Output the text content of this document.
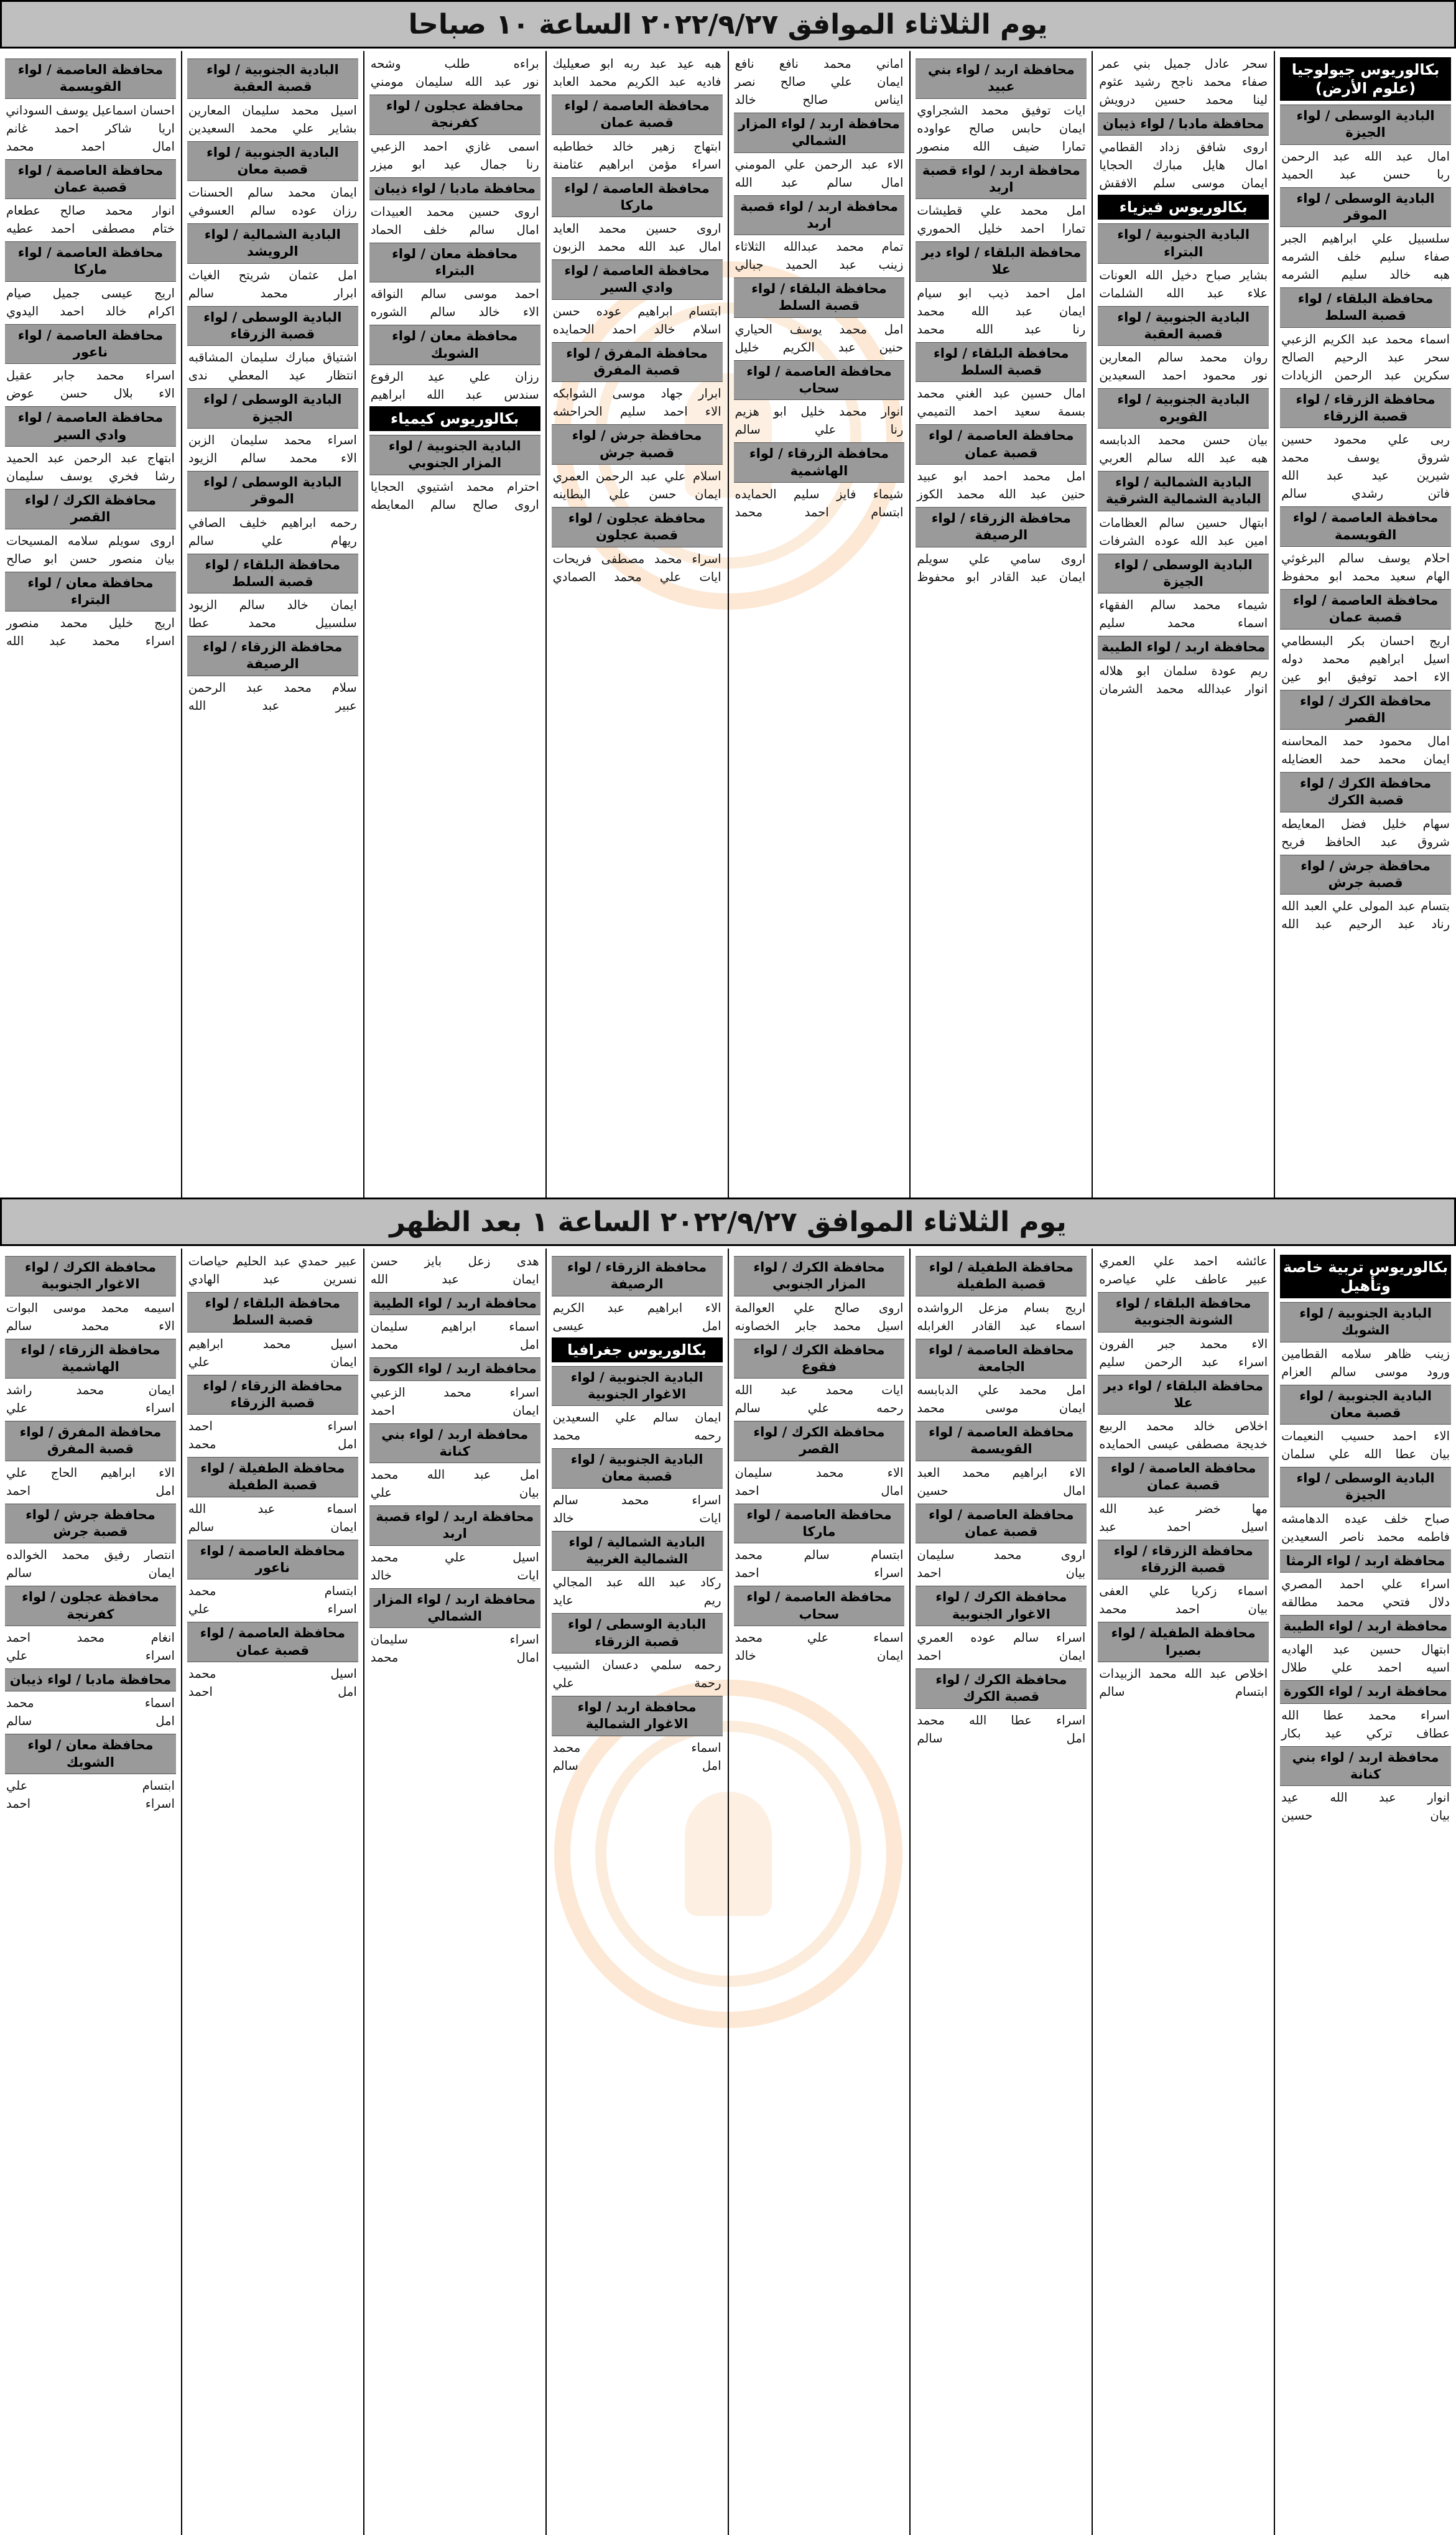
يوم الثلاثاء الموافق ٢٠٢٢/٩/٢٧ الساعة ١٠ صباحا
بكالوريوس جيولوجيا (علوم الأرض)
البادية الوسطى / لواء الجيزة
امال عبد الله عبد الرحمن
ربا حسن عبد الحميد
البادية الوسطى / لواء الموقر
سلسبيل علي ابراهيم الجبر
صفاء سليم خلف الشرمه
هبه خالد سليم الشرمه
محافظة البلقاء / لواء قصبة السلط
اسماء محمد عبد الكريم الزعبي
سحر عبد الرحيم الصالح
سكرين عبد الرحمن الزيادات
محافظة الزرقاء / لواء قصبة الزرقاء
ربى علي محمود حسين
شروق يوسف محمد
شيرين عيد عبد الله
فاتن رشدي سالم
محافظة العاصمة / لواء القويسمة
احلام يوسف سالم البرغوثي
الهام سعيد محمد ابو محفوظ
محافظة العاصمة / لواء قصبة عمان
اريج احسان بكر البسطامي
اسيل ابراهيم محمد دوله
الاء احمد توفيق ابو عين
محافظة الكرك / لواء القصر
امال محمود حمد المحاسنه
ايمان محمد حمد العضايله
محافظة الكرك / لواء قصبة الكرك
سهام خليل فضل المعايطه
شروق عبد الحافظ فريح
محافظة جرش / لواء قصبة جرش
بتسام عبد المولى علي العبد الله
رناد عبد الرحيم عبد الله
سحر عادل جميل بني عمر
صفاء محمد ناجح رشيد عثوم
لينا محمد حسين درويش
محافظة مادبا / لواء ذيبان
اروى شافق زداد القطامي
امال هايل مبارك الحجايا
ايمان موسى سلم الافقش
بكالوريوس فيزياء
البادية الجنوبية / لواء البتراء
بشاير صباح دخيل الله العونات
علاء عبد الله الشلمات
البادية الجنوبية / لواء قصبة العقبة
روان محمد سالم المعارين
نور محمود احمد السعيدين
البادية الجنوبية / لواء القويره
بيان حسن محمد الدبابسه
هبه عبد الله سالم العربي
البادية الشمالية / لواء البادية الشمالية الشرقية
ابتهال حسين سالم العظامات
امين عبد الله عوده الشرفات
البادية الوسطى / لواء الجيزة
شيماء محمد سالم الفقهاء
اسماء محمد سليم
محافظة اربد / لواء الطيبة
ريم عودة سلمان ابو هلاله
انوار عبدالله محمد الشرمان
محافظة اربد / لواء بني عبيد
ايات توفيق محمد الشجراوي
ايمان حابس صالح عواوده
تمارا ضيف الله منصور
محافظة اربد / لواء قصبة اربد
امل محمد علي قطيشات
تمارا احمد خليل الحموري
محافظة البلقاء / لواء دير علا
امل احمد ذيب ابو سيام
ايمان عبد الله محمد
رنا عبد الله محمد
محافظة البلقاء / لواء قصبة السلط
امال حسين عبد الغني محمد
بسمة سعيد احمد التميمي
محافظة العاصمة / لواء قصبة عمان
امل محمد احمد ابو عبيد
حنين عبد الله محمد الكوز
محافظة الزرقاء / لواء الرصيفة
اروى سامي علي سويلم
ايمان عبد القادر ابو محفوظ
اماني محمد نافع نافع
ايمان علي صالح نصر
ايناس صالح خالد
محافظة اربد / لواء المزار الشمالي
الاء عبد الرحمن علي المومني
امال سالم عبد الله
محافظة اربد / لواء قصبة اربد
تمام محمد عبدالله الثلاثاء
زينب عبد الحميد جبالي
محافظة البلقاء / لواء قصبة السلط
امل محمد يوسف الحياري
حنين عبد الكريم خليل
محافظة العاصمة / لواء سحاب
انوار محمد خليل ابو هزيم
رنا علي سالم
محافظة الزرقاء / لواء الهاشمية
شيماء فايز سليم الحمايده
ابتسام احمد محمد
هبه عيد عبد ربه ابو صعيليك
فاديه عبد الكريم محمد العابد
محافظة العاصمة / لواء قصبة عمان
ابتهاج زهير خالد خطاطبه
اسراء مؤمن ابراهيم عثامنة
محافظة العاصمة / لواء ماركا
اروى حسين محمد العايد
امال عبد الله محمد الزبون
محافظة العاصمة / لواء وادي السير
ابتسام ابراهيم عوده حسن
اسلام خالد احمد الحمايده
محافظة المفرق / لواء قصبة المفرق
ابرار جهاد موسى الشوابكه
الاء احمد سليم الحراحشه
محافظة جرش / لواء قصبة جرش
اسلام علي عبد الرحمن العمري
ايمان حسن علي البطاينه
محافظة عجلون / لواء قصبة عجلون
اسراء محمد مصطفى فريحات
ايات علي محمد الصمادي
براءه طلب وشحه
نور عبد الله سليمان مومني
محافظة عجلون / لواء كفرنجة
اسمى غازي احمد الزعبي
رنا جمال عيد ابو ميزر
محافظة مادبا / لواء ذيبان
اروى حسين محمد العبيدات
امال سالم خلف الحماد
محافظة معان / لواء البتراء
احمد موسى سالم النواقه
الاء خالد سالم الشوره
محافظة معان / لواء الشوبك
رزان علي عيد الرفوع
سندس عبد الله ابراهيم
بكالوريوس كيمياء
البادية الجنوبية / لواء المزار الجنوبي
احترام محمد اشتيوي الحجايا
اروى صالح سالم المعايطه
البادية الجنوبية / لواء قصبة العقبة
اسيل محمد سليمان المعارين
بشاير علي محمد السعيدين
البادية الجنوبية / لواء قصبة معان
ايمان محمد سالم الحسنات
رزان عوده سالم العسوفي
البادية الشمالية / لواء الرويشد
امل عثمان شريتح الغياث
ابرار محمد سالم
البادية الوسطى / لواء قصبة الزرقاء
اشتياق مبارك سليمان المشاقبه
انتظار عيد المعطي ندى
البادية الوسطى / لواء الجيزة
اسراء محمد سليمان الزبن
الاء محمد سالم الزيود
البادية الوسطى / لواء الموقر
رحمه ابراهيم خليف الصافي
ريهام علي سالم
محافظة البلقاء / لواء قصبة السلط
ايمان خالد سالم الزيود
سلسبيل محمد عطا
محافظة الزرقاء / لواء الرصيفة
سلام محمد عبد الرحمن
عبير عبد الله
محافظة العاصمة / لواء القويسمة
احسان اسماعيل يوسف السوداني
اريا شاكر احمد غانم
امال احمد محمد
محافظة العاصمة / لواء قصبة عمان
انوار محمد صالح عطعام
ختام مصطفى احمد عطيه
محافظة العاصمة / لواء ماركا
اريج عيسى جميل صيام
اكرام خالد احمد اليدوي
محافظة العاصمة / لواء ناعور
اسراء محمد جابر عقيل
الاء بلال حسن عوض
محافظة العاصمة / لواء وادي السير
ابتهاج عبد الرحمن عبد الحميد
رشا فخري يوسف سليمان
محافظة الكرك / لواء القصر
اروى سويلم سلامه المسيحات
بيان منصور حسن ابو صالح
محافظة معان / لواء البتراء
اريج خليل محمد منصور
اسراء محمد عبد الله
يوم الثلاثاء الموافق ٢٠٢٢/٩/٢٧ الساعة ١ بعد الظهر
بكالوريوس تربية خاصة وتأهيل
البادية الجنوبية / لواء الشوبك
زينب ظاهر سلامه القطامين
ورود موسى سالم العزام
البادية الجنوبية / لواء قصبة معان
الاء احمد حسيب النعيمات
بيان عطا الله علي سلمان
البادية الوسطى / لواء الجيزة
صباح خلف عيده الدهامشه
فاطمه محمد ناصر السعيدين
محافظة اربد / لواء الرمثا
اسراء علي احمد المصري
دلال فتحي محمد مطالقه
محافظة اربد / لواء الطيبة
ابتهال حسين عبد الهاديه
اسيه احمد علي طلال
محافظة اربد / لواء الكورة
اسراء محمد عطا الله
عطاف تركي عيد بكار
محافظة اربد / لواء بني كنانة
انوار عبد الله عيد
بيان حسين
عائشه احمد علي العمري
عبير عاطف علي عياصره
محافظة البلقاء / لواء الشونة الجنوبية
الاء محمد جبر الفرون
اسراء عبد الرحمن سليم
محافظة البلقاء / لواء دير علا
اخلاص خالد محمد الربيع
خديجة مصطفى عيسى الحمايده
محافظة العاصمة / لواء قصبة عمان
مها خضر عبد الله
اسيل احمد عبد
محافظة الزرقاء / لواء قصبة الزرقاء
اسماء زكريا علي العفى
بيان احمد محمد
محافظة الطفيلة / لواء بصيرا
اخلاص عبد الله محمد الزبيدات
ابتسام سالم
محافظة الطفيلة / لواء قصبة الطفيلة
اريج بسام مزعل الرواشده
اسماء عبد القادر الغرابله
محافظة العاصمة / لواء الجامعة
امل محمد علي الدبابسه
ايمان موسى محمد
محافظة العاصمة / لواء القويسمة
الاء ابراهيم محمد العبد
امال حسين
محافظة العاصمة / لواء قصبة عمان
اروى محمد سليمان
بيان احمد
محافظة الكرك / لواء الاغوار الجنوبية
اسراء سالم عوده العمري
ايمان احمد
محافظة الكرك / لواء قصبة الكرك
اسراء عطا الله محمد
امل سالم
محافظة الكرك / لواء المزار الجنوبي
اروى صالح علي العوالمة
اسيل محمد جابر الخصاونه
محافظة الكرك / لواء فقوع
ايات محمد عبد الله
رحمه علي سالم
محافظة الكرك / لواء القصر
الاء محمد سليمان
امال احمد
محافظة العاصمة / لواء ماركا
ابتسام سالم محمد
اسراء احمد
محافظة العاصمة / لواء سحاب
اسماء علي محمد
ايمان خالد
محافظة الزرقاء / لواء الرصيفة
الاء ابراهيم عبد الكريم
امل عيسى
بكالوريوس جغرافيا
البادية الجنوبية / لواء الاغوار الجنوبية
ايمان سالم علي السعيدين
رحمه محمد
البادية الجنوبية / لواء قصبة معان
اسراء محمد سالم
ايات خالد
البادية الشمالية / لواء الشمالية الغربية
ركاد عبد الله عبد المجالي
ريم عايد
البادية الوسطى / لواء قصبة الزرقاء
رحمه سلمي دعسان الشبيب
رحمة علي
محافظة اربد / لواء الاغوار الشمالية
اسماء محمد
امل سالم
هدى زعل بايز حسن
ايمان عبد الله
محافظة اربد / لواء الطيبة
اسماء ابراهيم سليمان
امل محمد
محافظة اربد / لواء الكورة
اسراء محمد الزعبي
ايمان احمد
محافظة اربد / لواء بني كنانة
امل عبد الله محمد
بيان علي
محافظة اربد / لواء قصبة اربد
اسيل علي محمد
ايات خالد
محافظة اربد / لواء المزار الشمالي
اسراء سليمان
امال محمد
عبير حمدي عبد الحليم حياصات
نسرين عبد الهادي
محافظة البلقاء / لواء قصبة السلط
اسيل محمد ابراهيم
ايمان علي
محافظة الزرقاء / لواء قصبة الزرقاء
اسراء احمد
امل محمد
محافظة الطفيلة / لواء قصبة الطفيلة
اسماء عبد الله
ايمان سالم
محافظة العاصمة / لواء ناعور
ابتسام محمد
اسراء علي
محافظة العاصمة / لواء قصبة عمان
اسيل محمد
امل احمد
محافظة الكرك / لواء الاغوار الجنوبية
اسيمه محمد موسى البوات
الاء محمد سالم
محافظة الزرقاء / لواء الهاشمية
ايمان محمد راشد
اسراء علي
محافظة المفرق / لواء قصبة المفرق
الاء ابراهيم الحاج علي
امل احمد
محافظة جرش / لواء قصبة جرش
انتصار رفيق محمد الخوالده
ايمان سالم
محافظة عجلون / لواء كفرنجة
انغام محمد احمد
اسراء علي
محافظة مادبا / لواء ذيبان
اسماء محمد
امل سالم
محافظة معان / لواء الشوبك
ابتسام علي
اسراء احمد
